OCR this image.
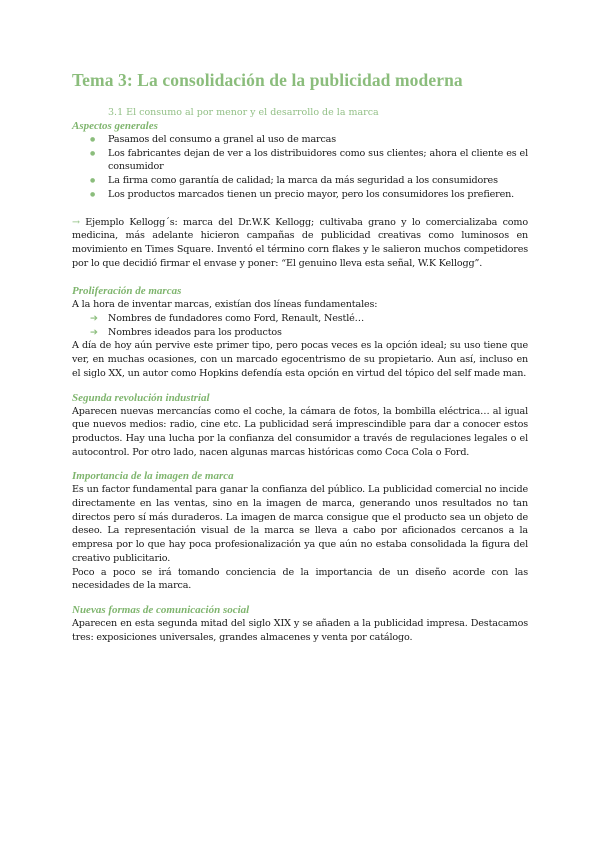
Tema 3: La consolidación de la publicidad moderna
3.1 El consumo al por menor y el desarrollo de la marca
Aspectos generales
● Pasamos del consumo a granel al uso de marcas
● Los fabricantes dejan de ver a los distribuidores como sus clientes; ahora el cliente es el consumidor
● La firma como garantía de calidad; la marca da más seguridad a los consumidores
● Los productos marcados tienen un precio mayor, pero los consumidores los prefieren.

→ Ejemplo Kellogg´s: marca del Dr.W.K Kellogg; cultivaba grano y lo comercializaba como medicina, más adelante hicieron campañas de publicidad creativas como luminosos en movimiento en Times Square. Inventó el término corn flakes y le salieron muchos competidores por lo que decidió firmar el envase y poner: “El genuino lleva esta señal, W.K Kellogg”.

Proliferación de marcas

A la hora de inventar marcas, existían dos líneas fundamentales:

➔ Nombres de fundadores como Ford, Renault, Nestlé…
➔ Nombres ideados para los productos

A día de hoy aún pervive este primer tipo, pero pocas veces es la opción ideal; su uso tiene que ver, en muchas ocasiones, con un marcado egocentrismo de su propietario. Aun así, incluso en el siglo XX, un autor como Hopkins defendía esta opción en virtud del tópico del self made man.

Segunda revolución industrial

Aparecen nuevas mercancías como el coche, la cámara de fotos, la bombilla eléctrica… al igual que nuevos medios: radio, cine etc. La publicidad será imprescindible para dar a conocer estos productos. Hay una lucha por la confianza del consumidor a través de regulaciones legales o el autocontrol. Por otro lado, nacen algunas marcas históricas como Coca Cola o Ford.

Importancia de la imagen de marca

Es un factor fundamental para ganar la confianza del público. La publicidad comercial no incide directamente en las ventas, sino en la imagen de marca, generando unos resultados no tan directos pero sí más duraderos. La imagen de marca consigue que el producto sea un objeto de deseo. La representación visual de la marca se lleva a cabo por aficionados cercanos a la empresa por lo que hay poca profesionalización ya que aún no estaba consolidada la figura del creativo publicitario.

Poco a poco se irá tomando conciencia de la importancia de un diseño acorde con las necesidades de la marca.

Nuevas formas de comunicación social

Aparecen en esta segunda mitad del siglo XIX y se añaden a la publicidad impresa. Destacamos tres: exposiciones universales, grandes almacenes y venta por catálogo.
